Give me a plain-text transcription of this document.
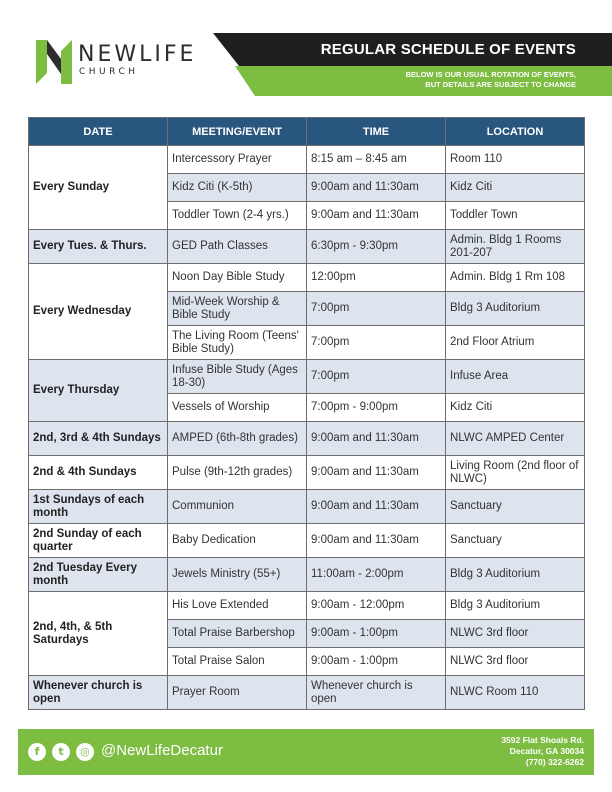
NEWLIFE
CHURCH
REGULAR SCHEDULE OF EVENTS
BELOW IS OUR USUAL ROTATION OF EVENTS,
BUT DETAILS ARE SUBJECT TO CHANGE
DATE	MEETING/EVENT	TIME	LOCATION
Every Sunday	Intercessory Prayer	8:15 am – 8:45 am	Room 110
	Kidz Citi (K-5th)	9:00am and 11:30am	Kidz Citi
	Toddler Town (2-4 yrs.)	9:00am and 11:30am	Toddler Town
Every Tues. & Thurs.	GED Path Classes	6:30pm - 9:30pm	Admin. Bldg 1 Rooms 201-207
Every Wednesday	Noon Day Bible Study	12:00pm	Admin. Bldg 1 Rm 108
	Mid-Week Worship & Bible Study	7:00pm	Bldg 3 Auditorium
	The Living Room (Teens' Bible Study)	7:00pm	2nd Floor Atrium
Every Thursday	Infuse Bible Study (Ages 18-30)	7:00pm	Infuse Area
	Vessels of Worship	7:00pm - 9:00pm	Kidz Citi
2nd, 3rd & 4th Sundays	AMPED (6th-8th grades)	9:00am and 11:30am	NLWC AMPED Center
2nd & 4th Sundays	Pulse (9th-12th grades)	9:00am and 11:30am	Living Room (2nd floor of NLWC)
1st Sundays of each month	Communion	9:00am and 11:30am	Sanctuary
2nd Sunday of each quarter	Baby Dedication	9:00am and 11:30am	Sanctuary
2nd Tuesday Every month	Jewels Ministry (55+)	11:00am - 2:00pm	Bldg 3 Auditorium
2nd, 4th, & 5th Saturdays	His Love Extended	9:00am - 12:00pm	Bldg 3 Auditorium
	Total Praise Barbershop	9:00am - 1:00pm	NLWC 3rd floor
	Total Praise Salon	9:00am - 1:00pm	NLWC 3rd floor
Whenever church is open	Prayer Room	Whenever church is open	NLWC Room 110
f	t	◎ @NewLifeDecatur
3592 Flat Shoals Rd.
Decatur, GA 30034
(770) 322-6262
